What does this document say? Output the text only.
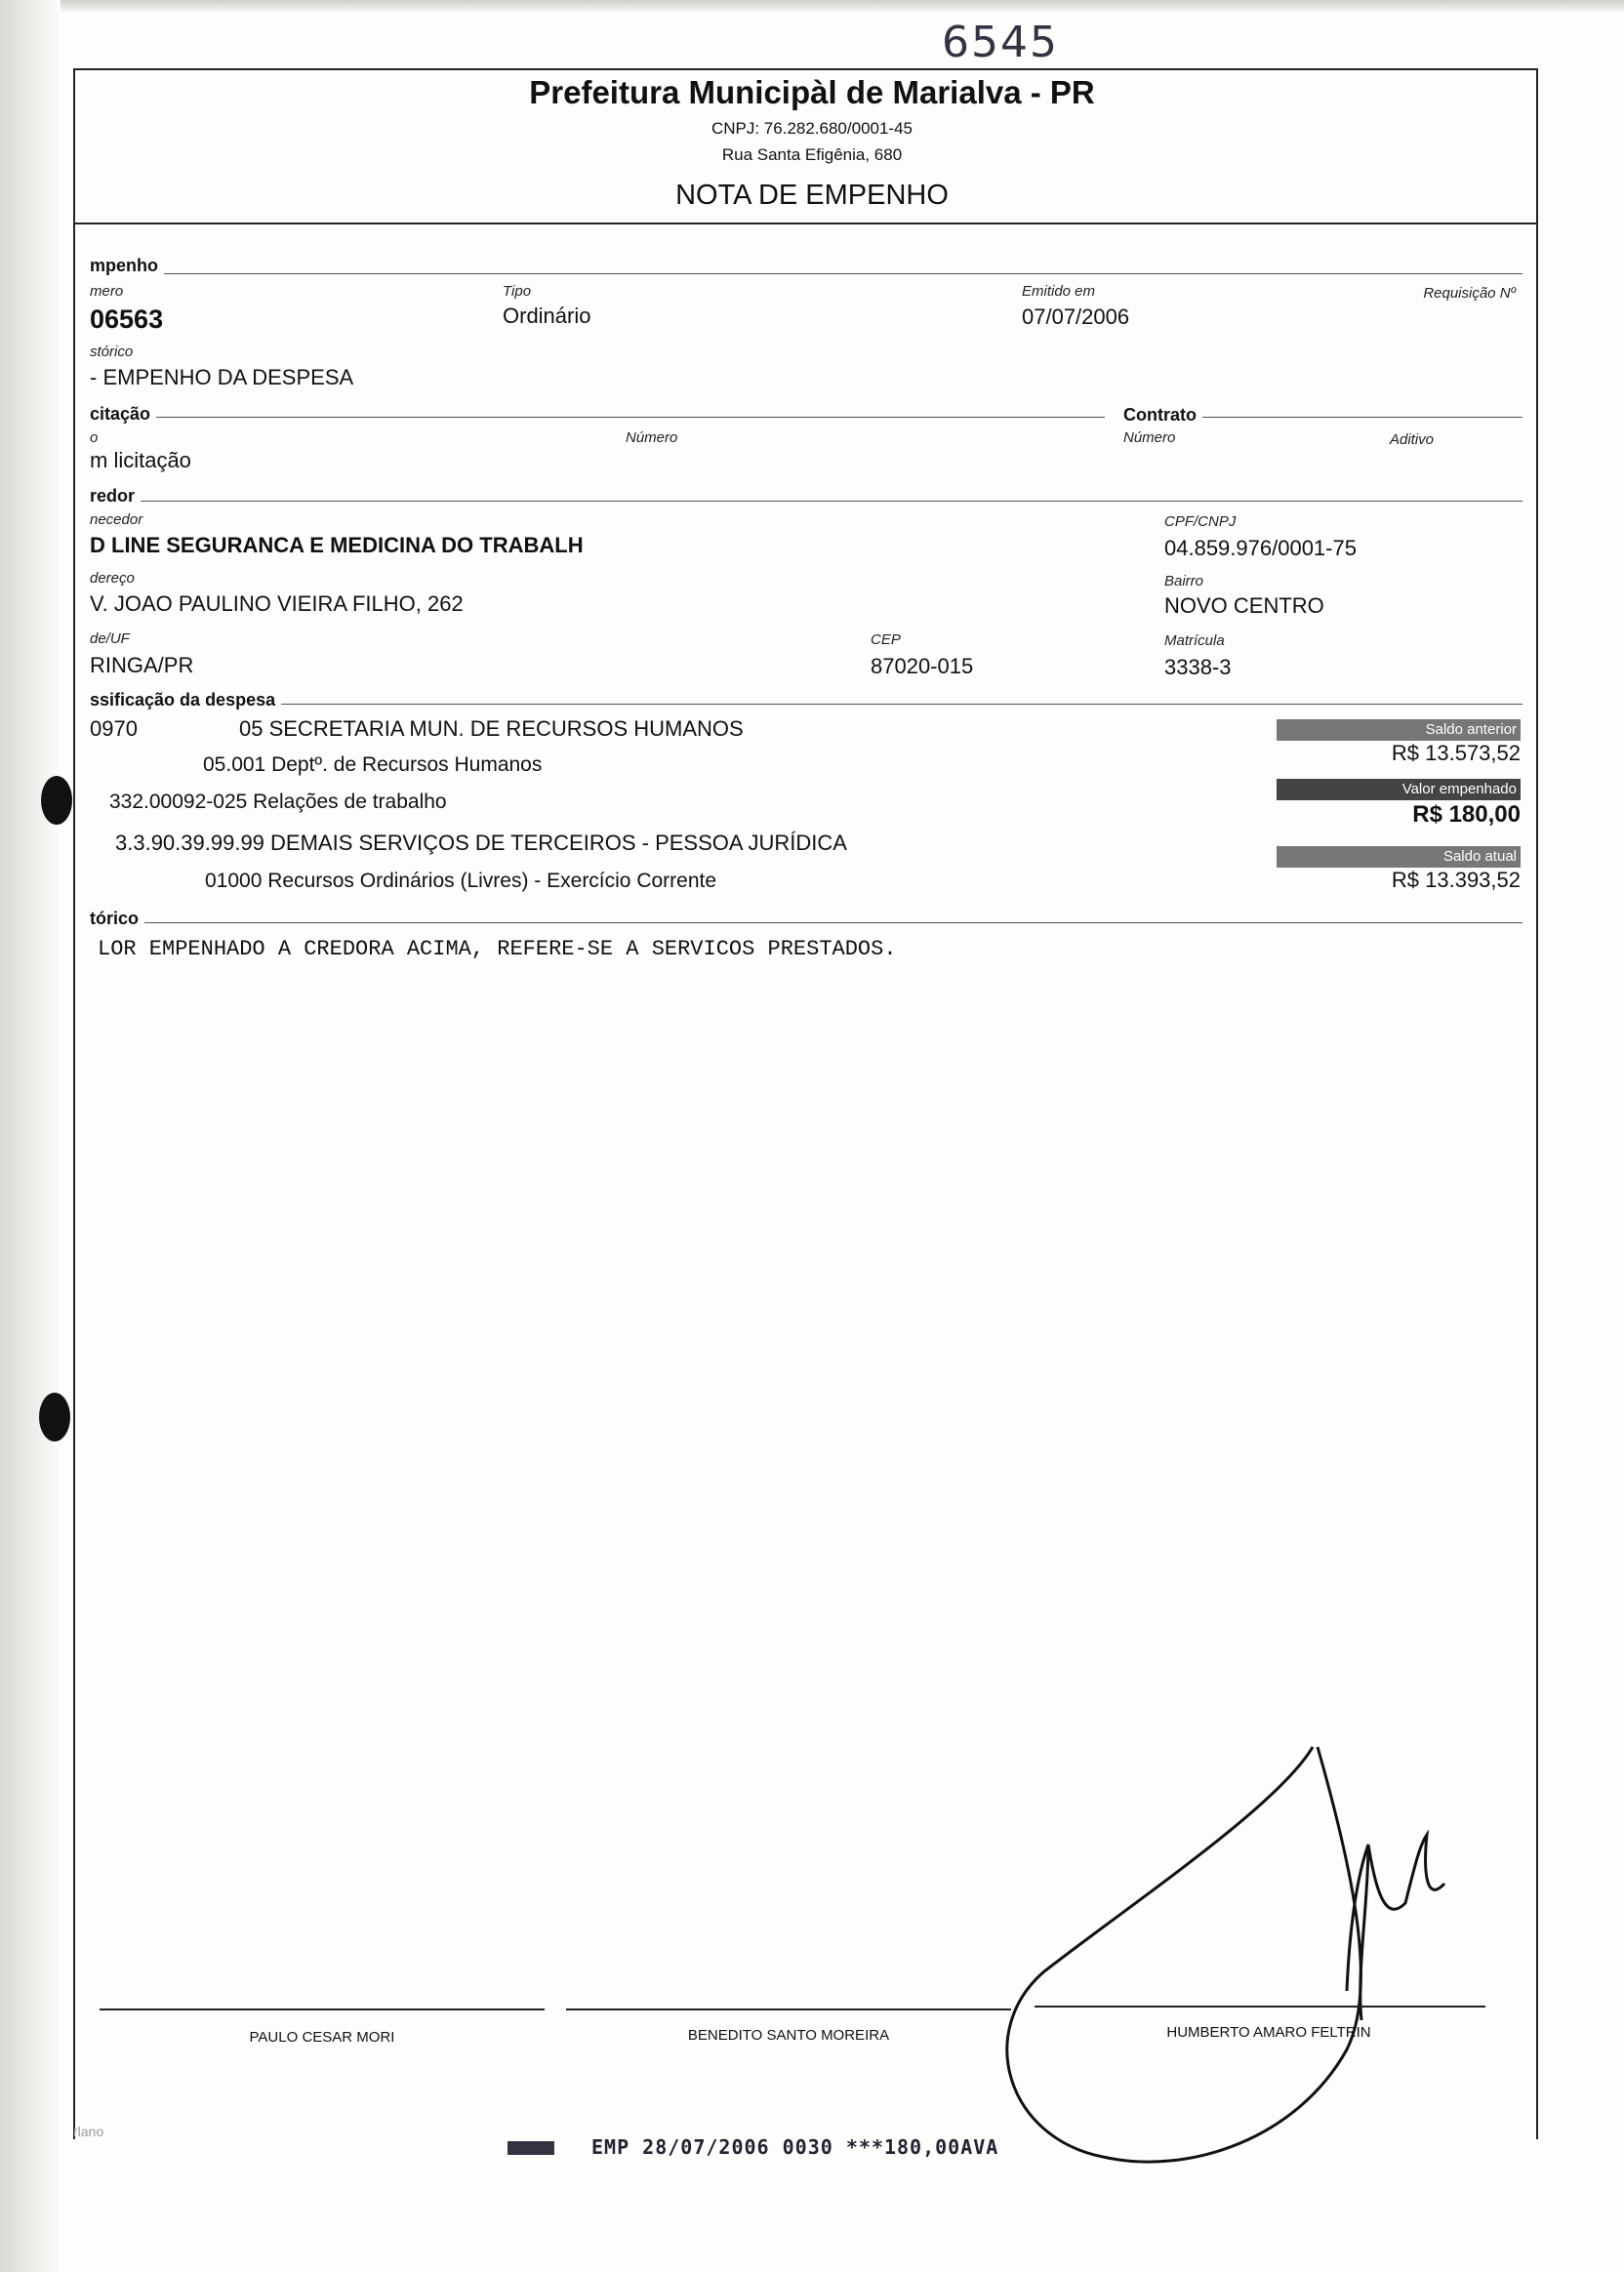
6545
Prefeitura Municipàl de Marialva - PR
CNPJ: 76.282.680/0001-45
Rua Santa Efigênia, 680
NOTA DE EMPENHO
mpenho
mero
06563
Tipo
Ordinário
Emitido em
07/07/2006
Requisição Nº
stórico
- EMPENHO DA DESPESA
citação
o
m licitação
Número
Contrato
Número	Aditivo
redor
necedor
D LINE SEGURANCA E MEDICINA DO TRABALH
CPF/CNPJ
04.859.976/0001-75
dereço
V. JOAO PAULINO VIEIRA FILHO, 262
Bairro
NOVO CENTRO
de/UF
RINGA/PR
CEP
87020-015
Matrícula
3338-3
ssificação da despesa
0970	05 SECRETARIA MUN. DE RECURSOS HUMANOS
05.001 Deptº. de Recursos Humanos
332.00092-025 Relações de trabalho
3.3.90.39.99.99 DEMAIS SERVIÇOS DE TERCEIROS - PESSOA JURÍDICA
01000 Recursos Ordinários (Livres) - Exercício Corrente
Saldo anterior
R$ 13.573,52
Valor empenhado
R$ 180,00
Saldo atual
R$ 13.393,52
tórico
LOR EMPENHADO A CREDORA ACIMA, REFERE-SE A SERVICOS PRESTADOS.
PAULO CESAR MORI	BENEDITO SANTO MOREIRA	HUMBERTO AMARO FELTRIN
rlano
EMP 28/07/2006 0030 ***180,00AVA
